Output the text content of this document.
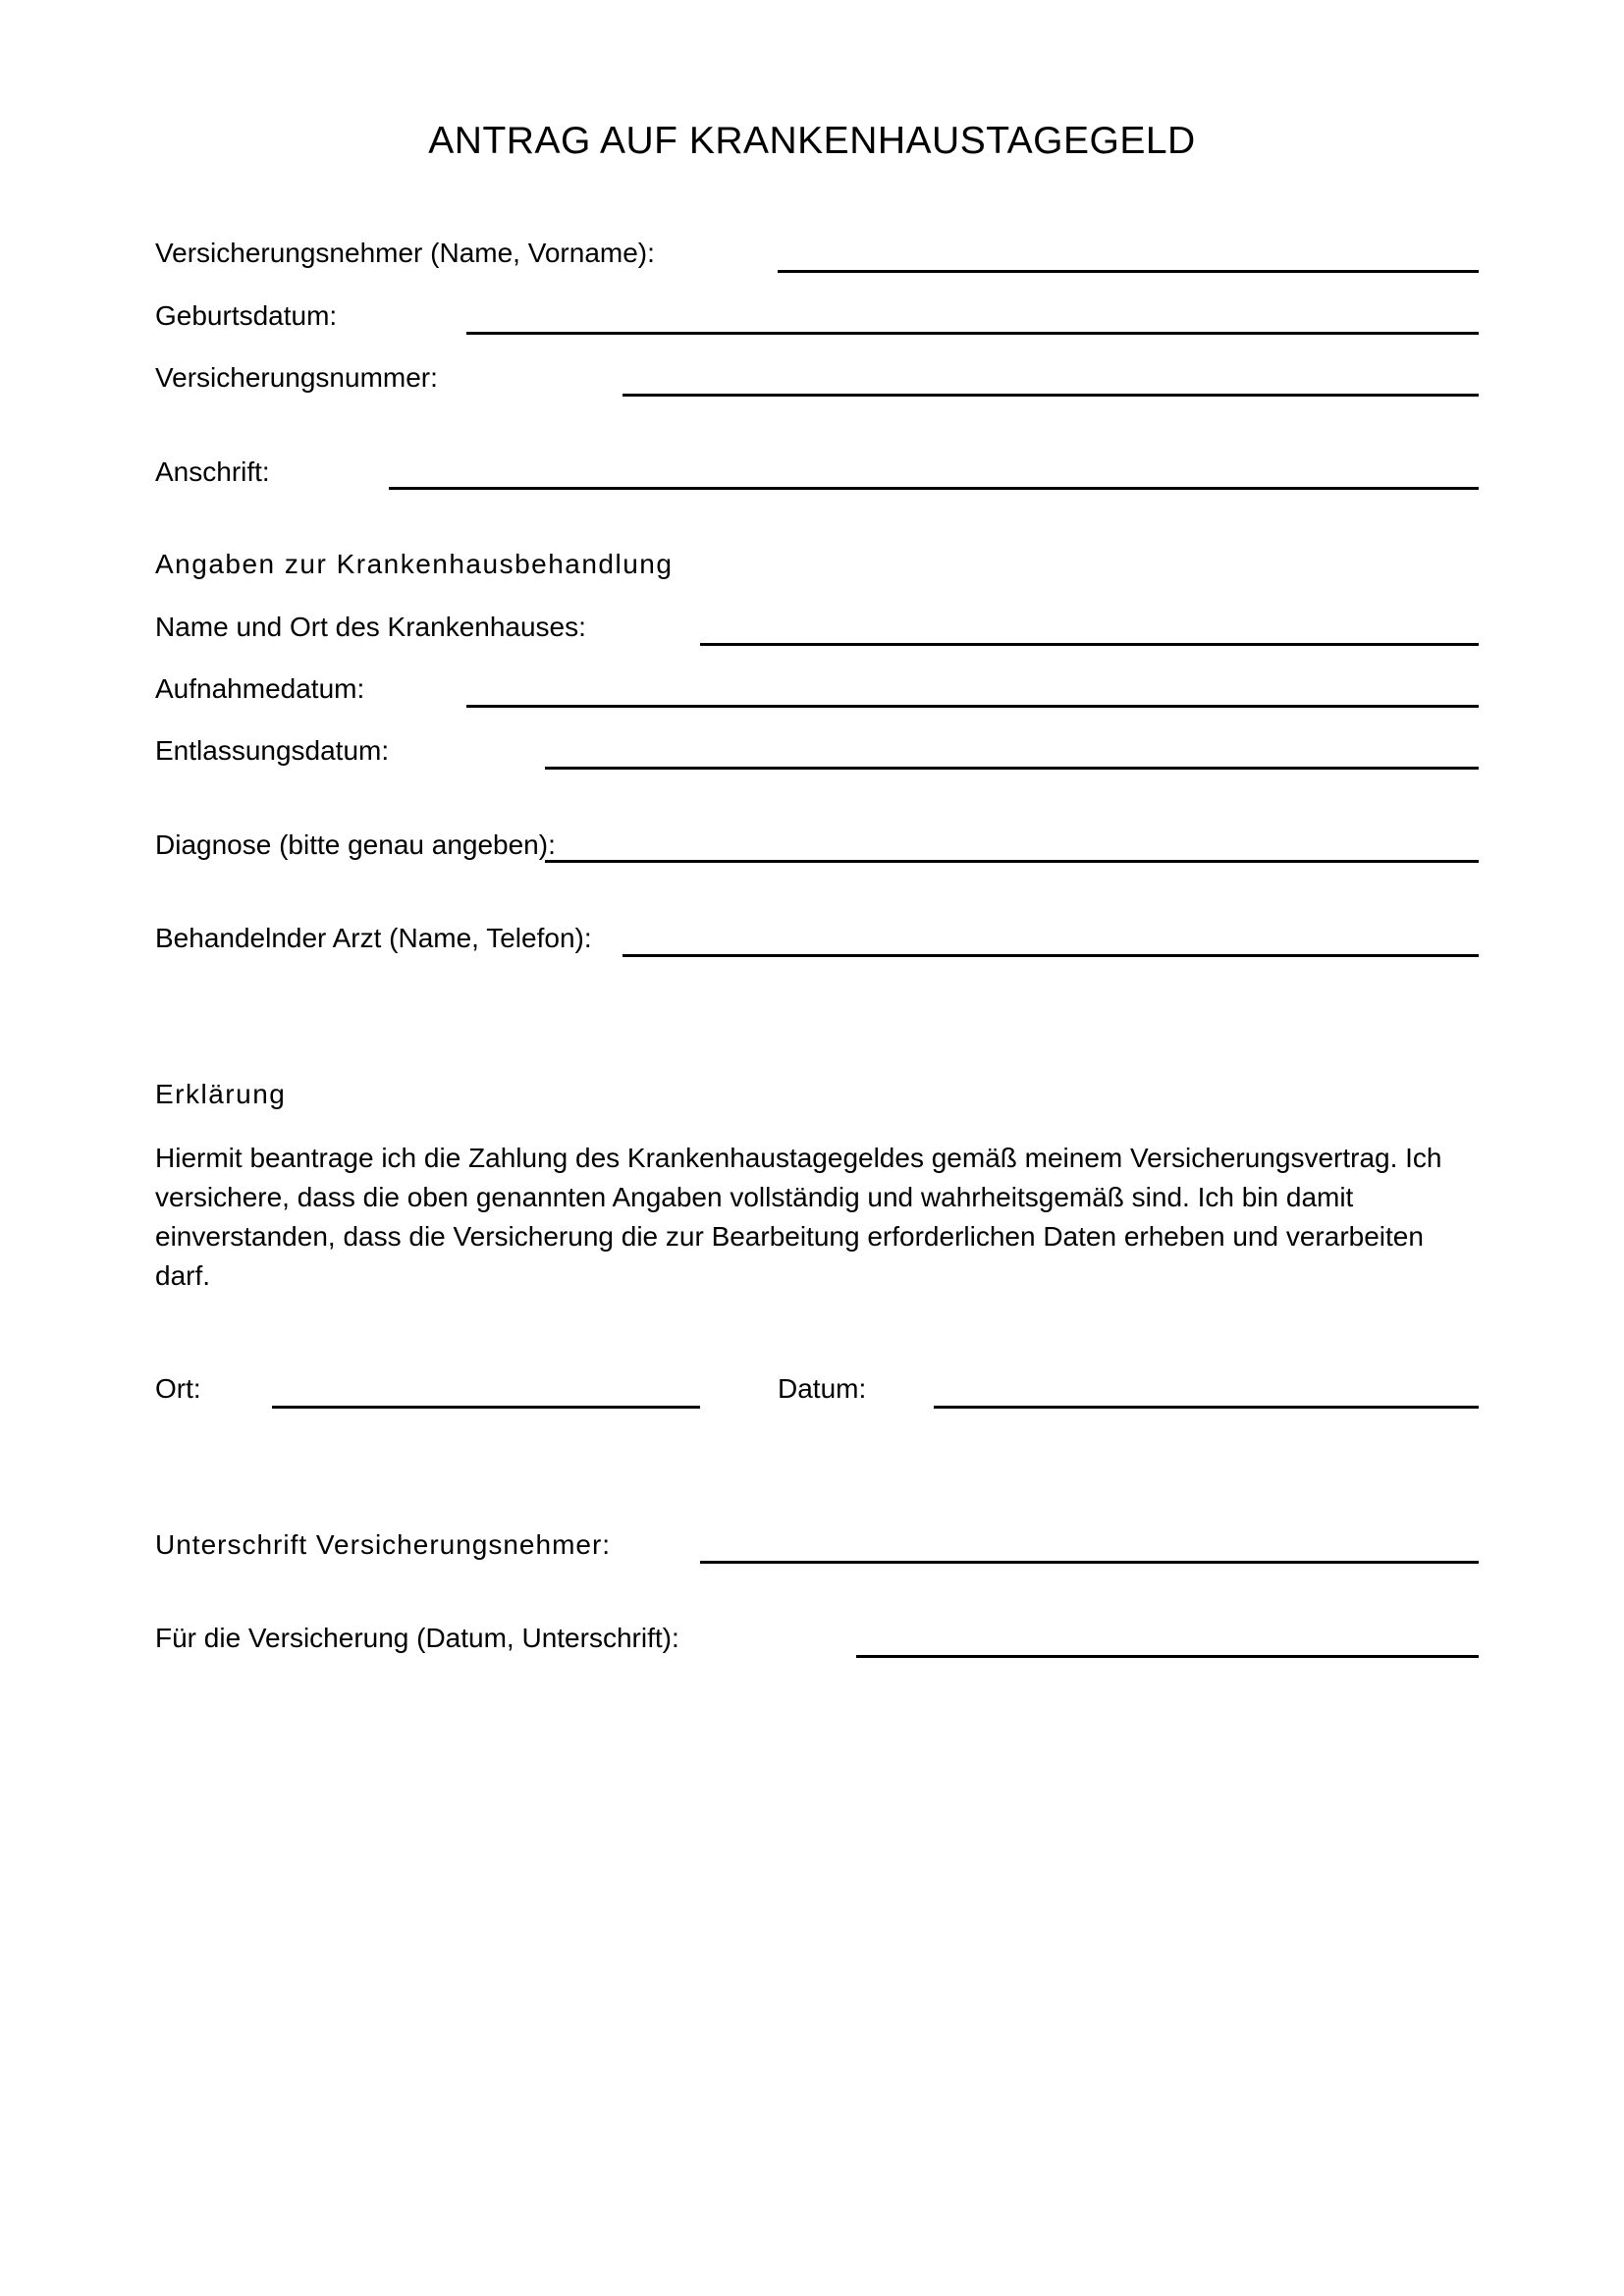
ANTRAG AUF KRANKENHAUSTAGEGELD
Versicherungsnehmer (Name, Vorname):
Geburtsdatum:
Versicherungsnummer:
Anschrift:
Angaben zur Krankenhausbehandlung
Name und Ort des Krankenhauses:
Aufnahmedatum:
Entlassungsdatum:
Diagnose (bitte genau angeben):
Behandelnder Arzt (Name, Telefon):
Erklärung
Hiermit beantrage ich die Zahlung des Krankenhaustagegeldes gemäß meinem Versicherungsvertrag. Ich versichere, dass die oben genannten Angaben vollständig und wahrheitsgemäß sind. Ich bin damit einverstanden, dass die Versicherung die zur Bearbeitung erforderlichen Daten erheben und verarbeiten darf.
Ort:	Datum:
Unterschrift Versicherungsnehmer:
Für die Versicherung (Datum, Unterschrift):
